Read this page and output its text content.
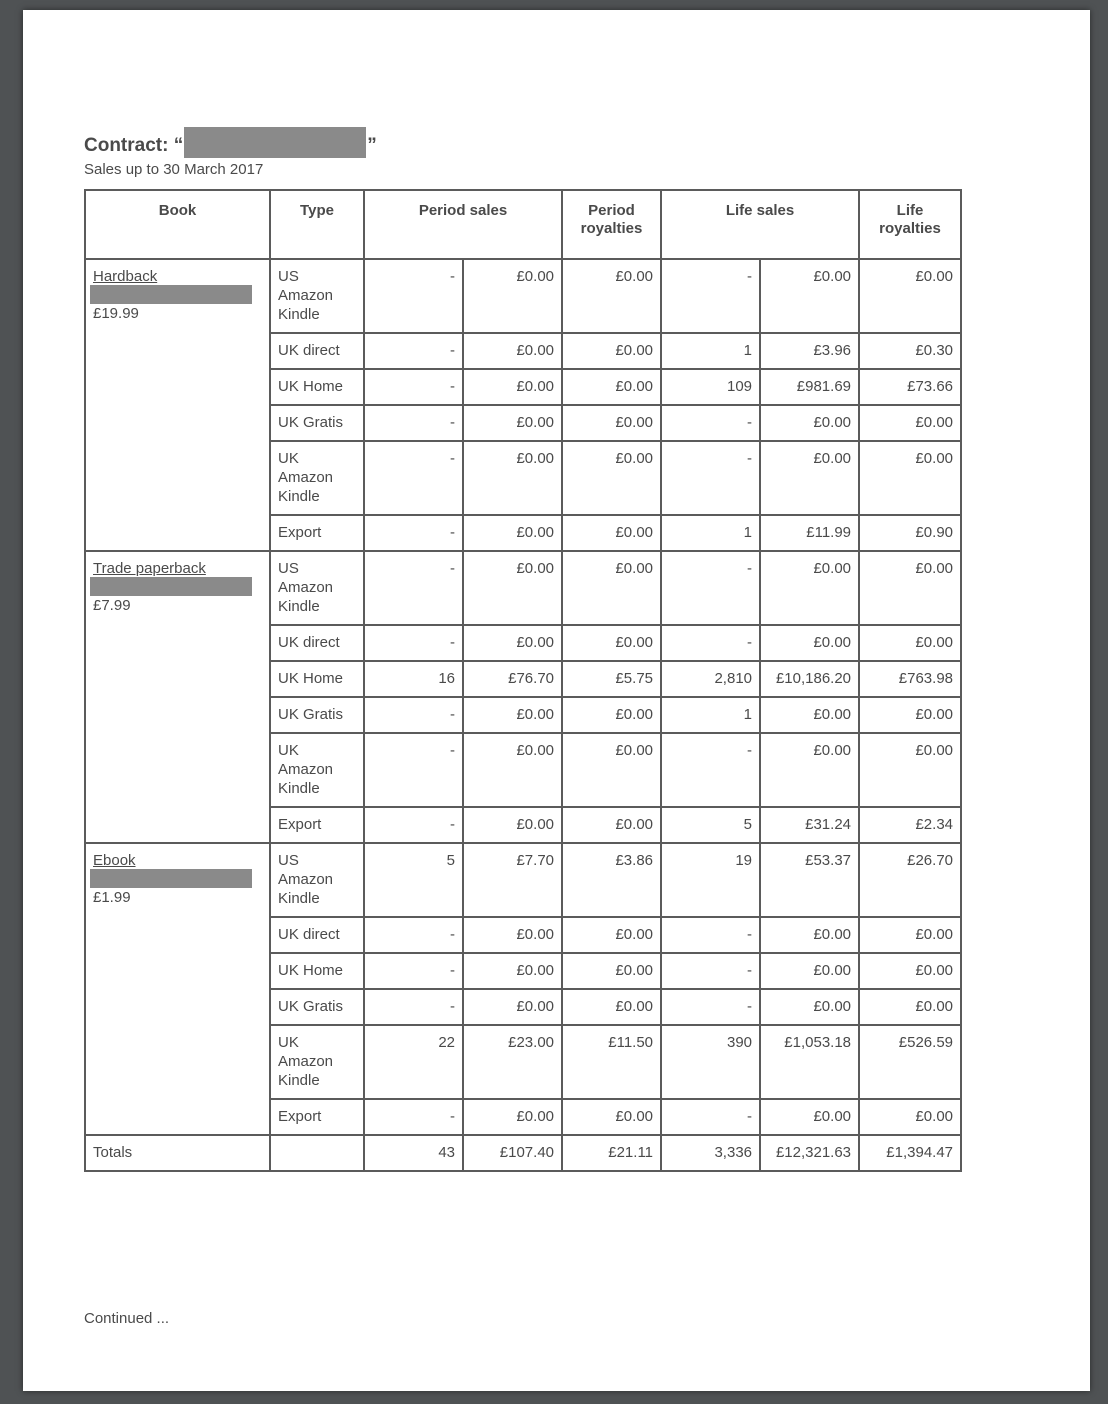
Contract: “	”
Sales up to 30 March 2017
Book	Type	Period sales		Period royalties	Life sales		Life royalties

Hardback
£19.99	US Amazon Kindle	-	£0.00	£0.00	-	£0.00	£0.00
	UK direct	-	£0.00	£0.00	1	£3.96	£0.30
	UK Home	-	£0.00	£0.00	109	£981.69	£73.66
	UK Gratis	-	£0.00	£0.00	-	£0.00	£0.00
	UK Amazon Kindle	-	£0.00	£0.00	-	£0.00	£0.00
	Export	-	£0.00	£0.00	1	£11.99	£0.90

Trade paperback
£7.99	US Amazon Kindle	-	£0.00	£0.00	-	£0.00	£0.00
	UK direct	-	£0.00	£0.00	-	£0.00	£0.00
	UK Home	16	£76.70	£5.75	2,810	£10,186.20	£763.98
	UK Gratis	-	£0.00	£0.00	1	£0.00	£0.00
	UK Amazon Kindle	-	£0.00	£0.00	-	£0.00	£0.00
	Export	-	£0.00	£0.00	5	£31.24	£2.34

Ebook
£1.99	US Amazon Kindle	5	£7.70	£3.86	19	£53.37	£26.70
	UK direct	-	£0.00	£0.00	-	£0.00	£0.00
	UK Home	-	£0.00	£0.00	-	£0.00	£0.00
	UK Gratis	-	£0.00	£0.00	-	£0.00	£0.00
	UK Amazon Kindle	22	£23.00	£11.50	390	£1,053.18	£526.59
	Export	-	£0.00	£0.00	-	£0.00	£0.00
Totals		43	£107.40	£21.11	3,336	£12,321.63	£1,394.47
Continued ...
